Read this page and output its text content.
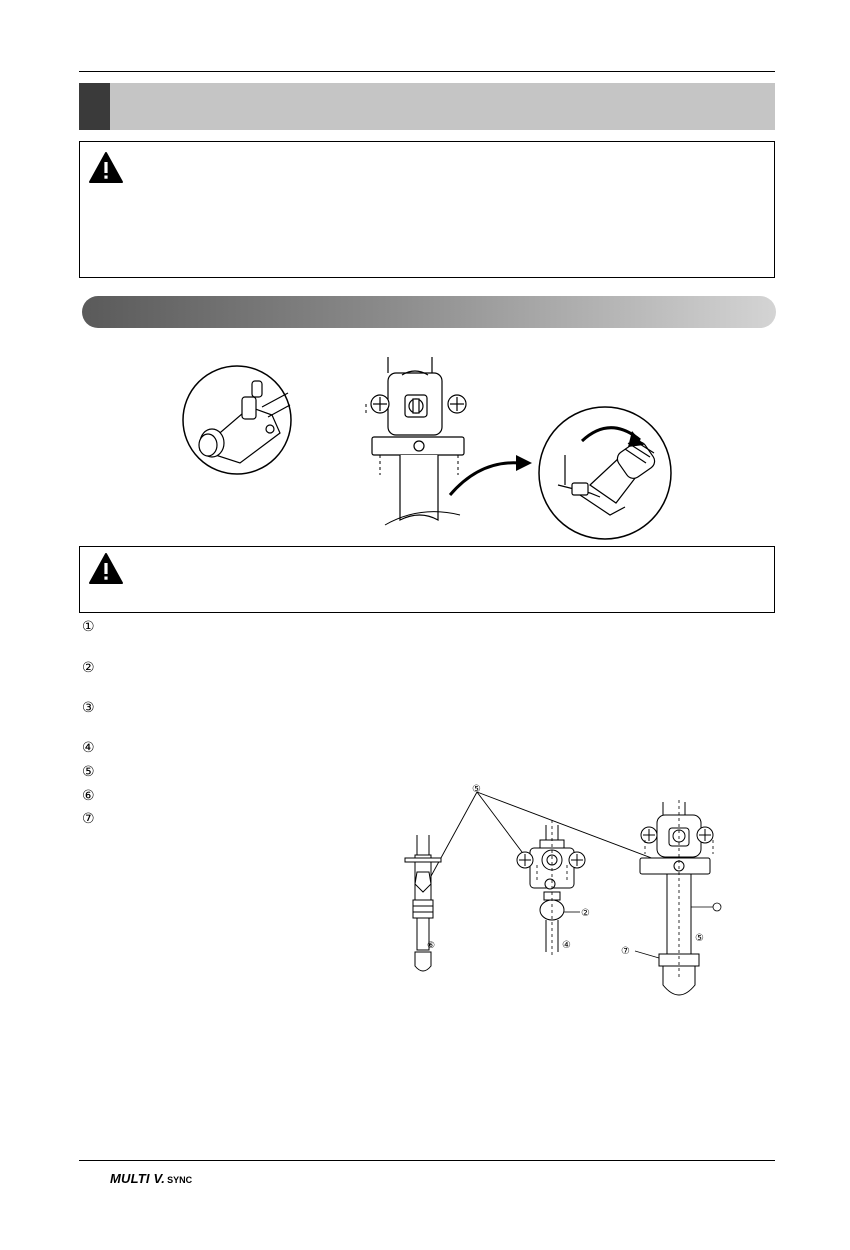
①
②
③
④
⑤
⑥
⑦
⑤
⑥
②
④
⑤
⑦
MULTI V. SYNC
